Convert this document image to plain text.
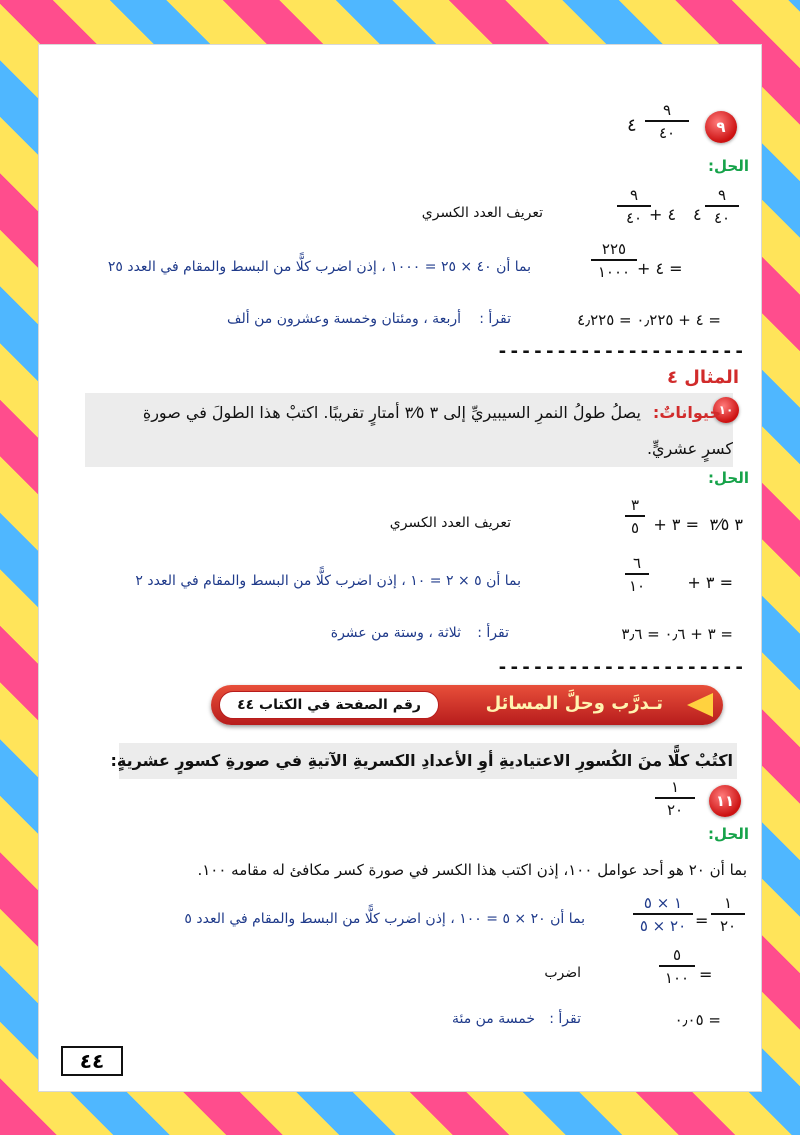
٩
٩
٤٠
٤
الحل:
٩
٤٠
٤
٤ +
٩
٤٠
تعريف العدد الكسري
= ٤ +
٢٢٥
١٠٠٠
بما أن ٤٠ × ٢٥ = ١٠٠٠ ، إذن اضرب كلًّا من البسط والمقام في العدد ٢٥
= ٤ + ٠٫٢٢٥ = ٤٫٢٢٥
تقرأ :
أربعة ، ومئتان وخمسة وعشرون من ألف
---------------------
المثال ٤
١٠
حيواناتٌ:
يصلُ طولُ النمرِ السيبيريِّ إلى ٣ ٣⁄٥ أمتارٍ تقريبًا. اكتبْ هذا الطولَ في صورةِ
كسرٍ عشريٍّ.
الحل:
٣ ٣⁄٥
= ٣ +
٣
٥
تعريف العدد الكسري
= ٣ +
٦
١٠
بما أن ٥ × ٢ = ١٠ ، إذن اضرب كلًّا من البسط والمقام في العدد ٢
= ٣ + ٠٫٦ = ٣٫٦
تقرأ :
ثلاثة ، وستة من عشرة
---------------------
رقم الصفحة في الكتاب ٤٤	تـدرَّب وحلَّ المسائل
اكتُبْ كلًّا منَ الكُسورِ الاعتياديةِ أوِ الأعدادِ الكسريةِ الآتيةِ في صورةِ كسورٍ عشريةٍ:
١١
١
٢٠
الحل:
بما أن ٢٠ هو أحد عوامل ١٠٠، إذن اكتب هذا الكسر في صورة كسر مكافئ له مقامه ١٠٠.
١
٢٠
=
١ × ٥
٢٠ × ٥
بما أن ٢٠ × ٥ = ١٠٠ ، إذن اضرب كلًّا من البسط والمقام في العدد ٥
=
٥
١٠٠
اضرب
= ٠٫٠٥
تقرأ :
خمسة من مئة
٤٤
